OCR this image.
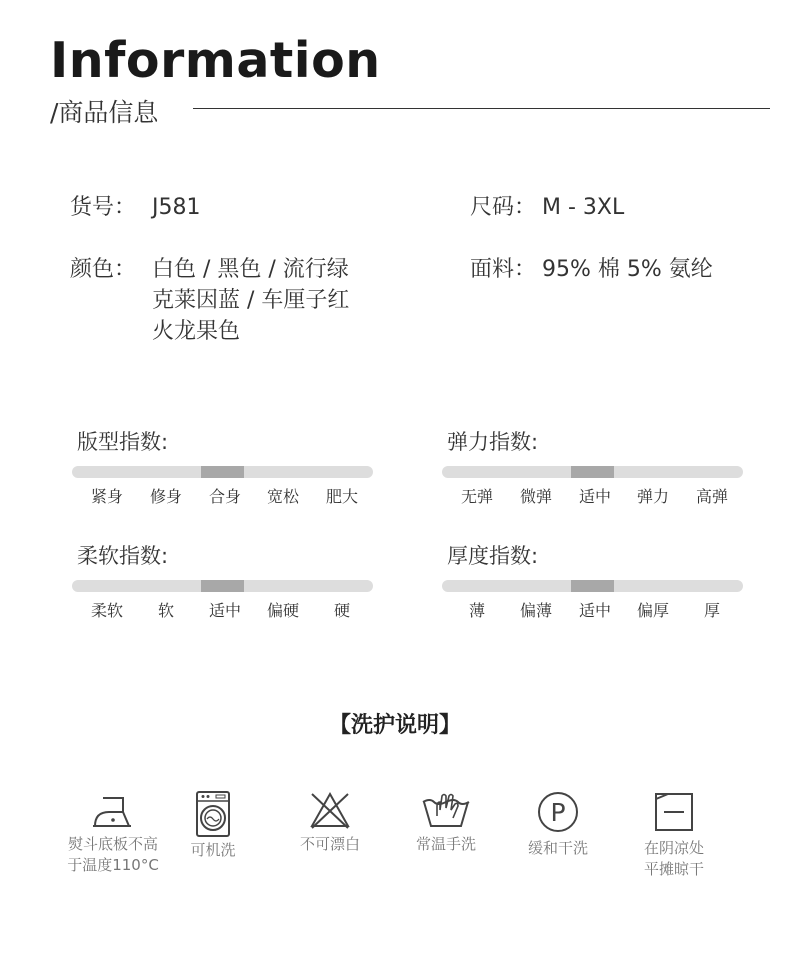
Information
/商品信息
货号： J581	尺码： M - 3XL
颜色： 白色 / 黑色 / 流行绿
克莱因蓝 / 车厘子红
火龙果色
面料： 95% 棉 5% 氨纶
版型指数:
紧身	修身	合身	宽松	肥大
弹力指数:
无弹	微弹	适中	弹力	高弹
柔软指数:
柔软	软	适中	偏硬	硬
厚度指数:
薄	偏薄	适中	偏厚	厚
【洗护说明】
熨斗底板不高
于温度110°C
可机洗	不可漂白	常温手洗
P
缓和干洗	在阴凉处
平摊晾干
